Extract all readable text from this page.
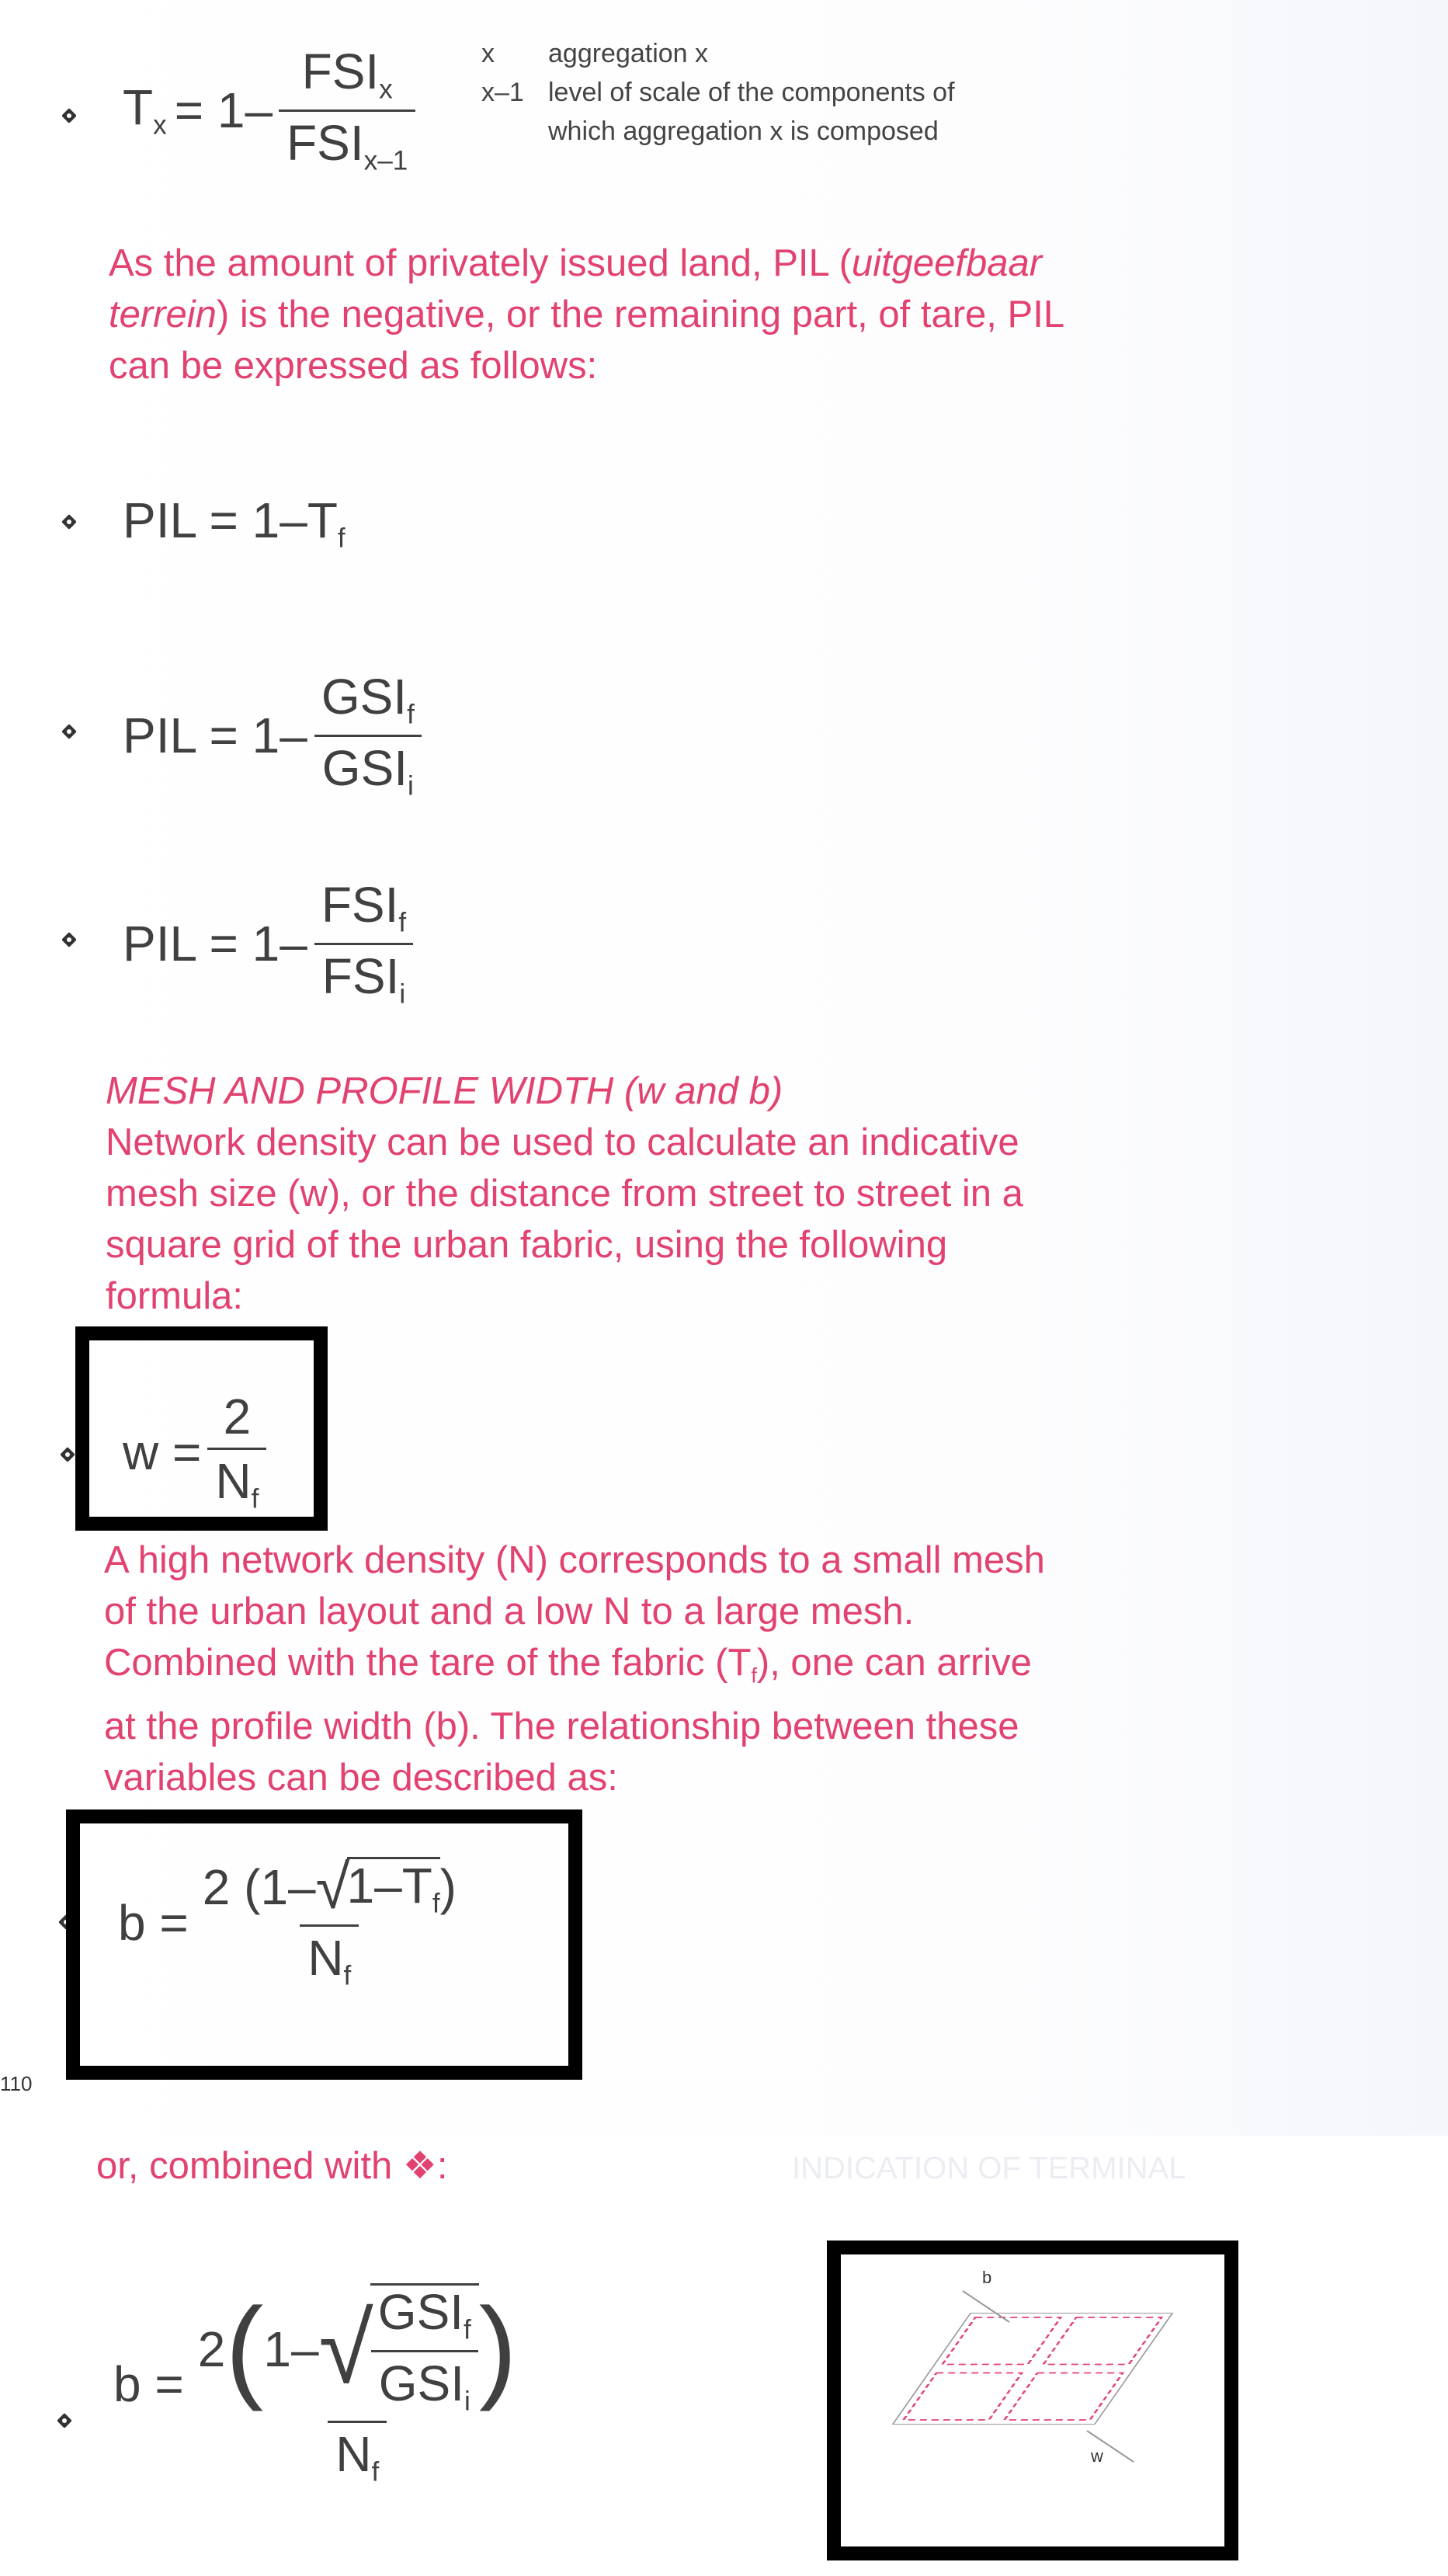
INDICATION OF TERMINAL
x aggregation x
x–1 level of scale of the components of
which aggregation x is composed
$T_x = 1- \frac{FSI_x}{FSI_{x-1}}$
As the amount of privately issued land, PIL (uitgeefbaar
terrein) is the negative, or the remaining part, of tare, PIL
can be expressed as follows:
PIL = $1-T_f$
PIL = $1- \frac{GSI_f}{GSI_i}$
PIL = $1- \frac{FSI_f}{FSI_i}$
MESH AND PROFILE WIDTH (w and b)
Network density can be used to calculate an indicative
mesh size (w), or the distance from street to street in a
square grid of the urban fabric, using the following
formula:
$w = \frac{2}{N_f}$
A high network density (N) corresponds to a small mesh
of the urban layout and a low N to a large mesh.
Combined with the tare of the fabric $(T_f)$, one can arrive
at the profile width (b). The relationship between these
variables can be described as:
b = 2 (1– √
$1-T_f$ )
$N_f$
110
or, combined with ❖:
b =
2 ( 1– √
$\frac{GSI_f}{GSI_i}$ )
$N_f$
b
w
